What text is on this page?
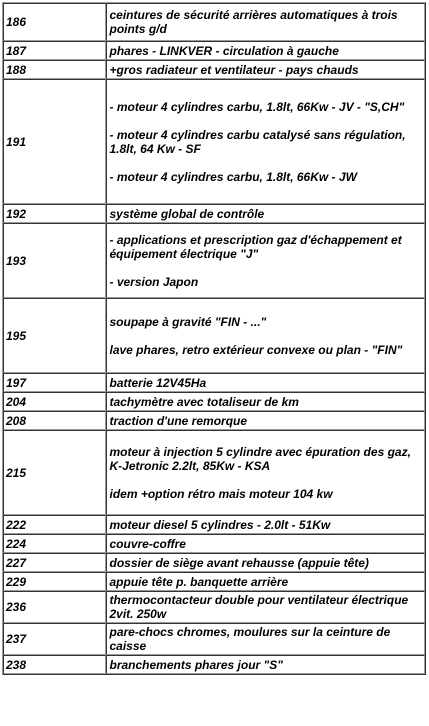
186	ceintures de sécurité arrières automatiques à trois points g/d

187	phares - LINKVER - circulation à gauche

188	+gros radiateur et ventilateur - pays chauds

191	- moteur 4 cylindres carbu, 1.8lt, 66Kw - JV - "S,CH"
- moteur 4 cylindres carbu catalysé sans régulation, 1.8lt, 64 Kw - SF
- moteur 4 cylindres carbu, 1.8lt, 66Kw - JW

192	système global de contrôle

193	- applications et prescription gaz d'échappement et équipement électrique "J"
- version Japon

195	soupape à gravité "FIN - ..."
lave phares, retro extérieur convexe ou plan - "FIN"

197	batterie 12V45Ha

204	tachymètre avec totaliseur de km

208	traction d'une remorque

215	moteur à injection 5 cylindre avec épuration des gaz, K-Jetronic 2.2lt, 85Kw - KSA
idem +option rétro mais moteur 104 kw

222	moteur diesel 5 cylindres - 2.0lt - 51Kw

224	couvre-coffre

227	dossier de siège avant rehausse (appuie tête)

229	appuie tête p. banquette arrière

236	thermocontacteur double pour ventilateur électrique 2vit. 250w

237	pare-chocs chromes, moulures sur la ceinture de caisse

238	branchements phares jour "S"
